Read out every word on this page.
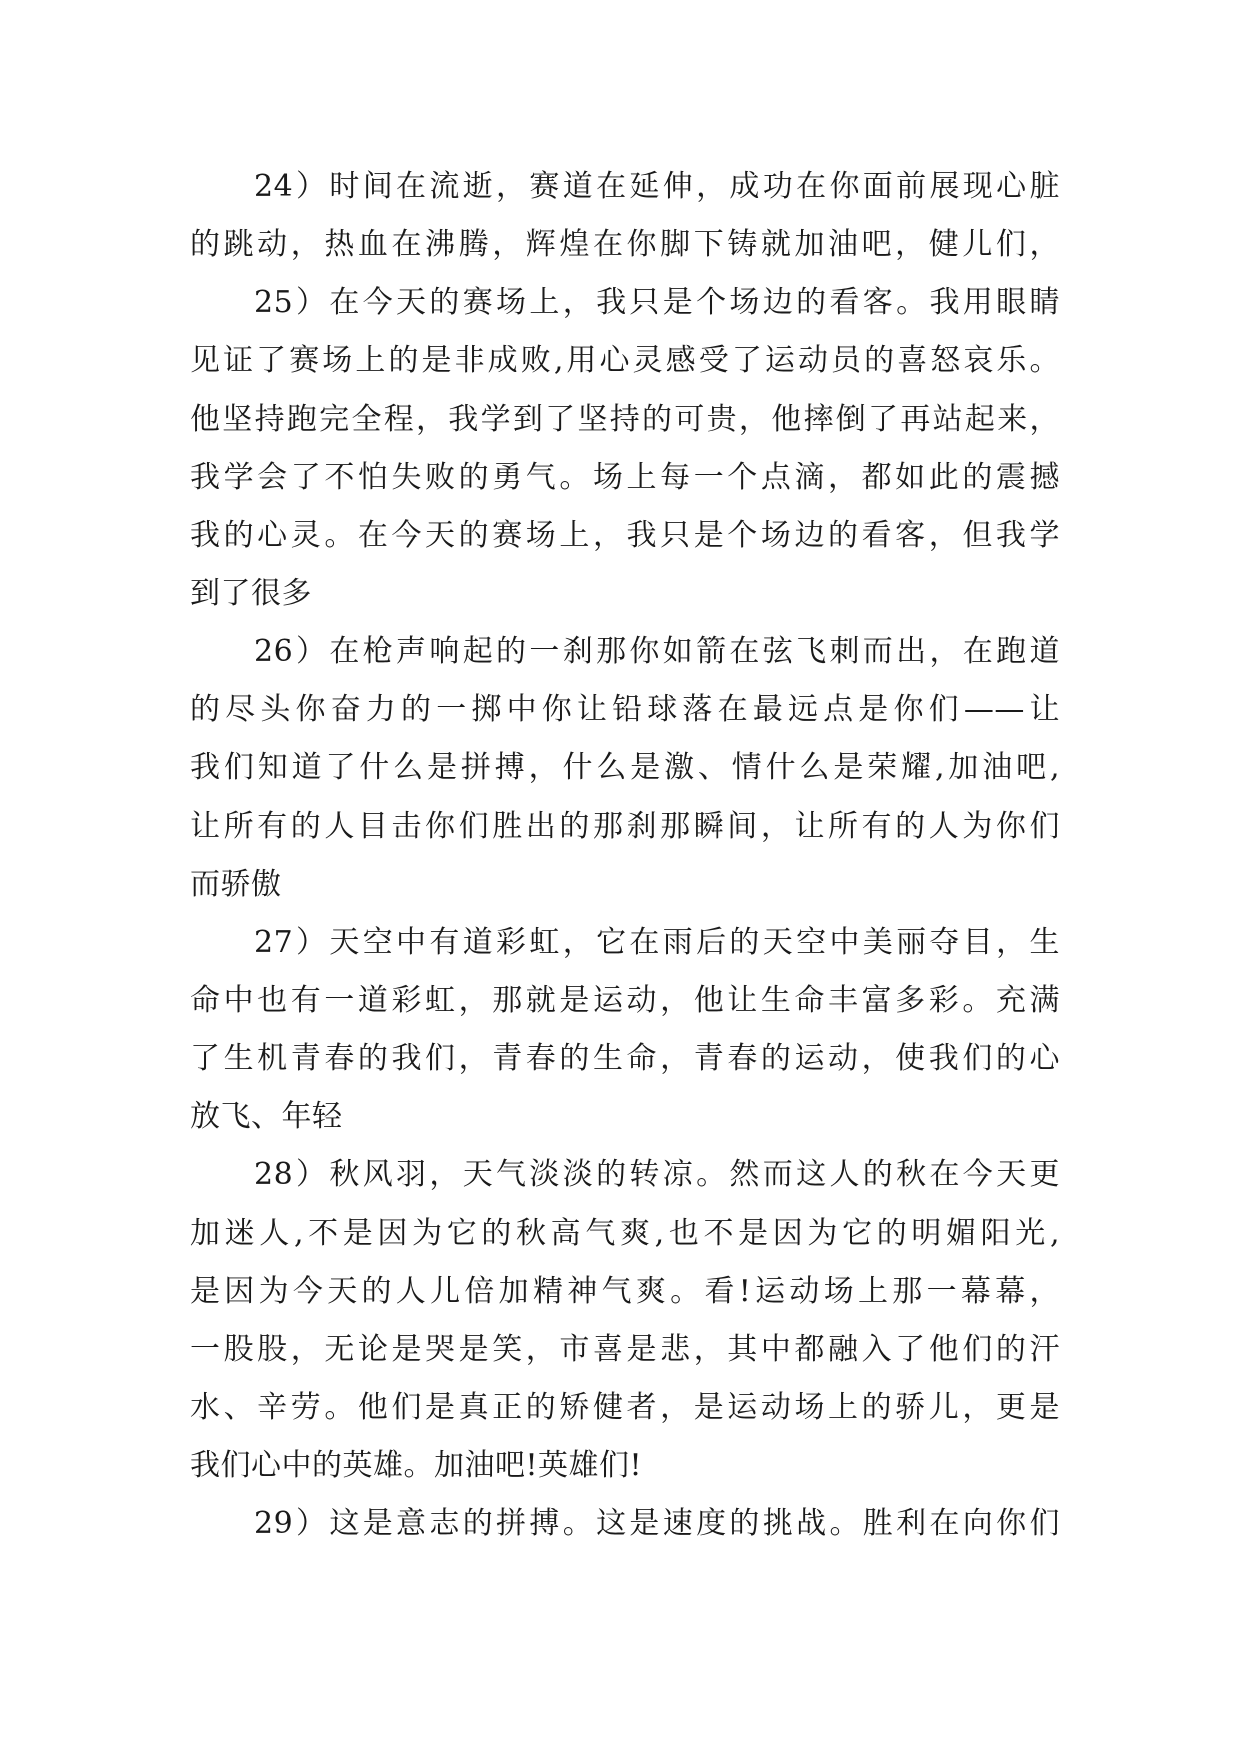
24）时间在流逝，赛道在延伸，成功在你面前展现心脏
的跳动，热血在沸腾，辉煌在你脚下铸就加油吧，健儿们，
25）在今天的赛场上，我只是个场边的看客。我用眼睛
见证了赛场上的是非成败,用心灵感受了运动员的喜怒哀乐。
他坚持跑完全程，我学到了坚持的可贵，他摔倒了再站起来，
我学会了不怕失败的勇气。场上每一个点滴，都如此的震撼
我的心灵。在今天的赛场上，我只是个场边的看客，但我学
到了很多
26）在枪声响起的一刹那你如箭在弦飞刺而出，在跑道
的尽头你奋力的一掷中你让铅球落在最远点是你们——让
我们知道了什么是拼搏，什么是激、情什么是荣耀,加油吧,
让所有的人目击你们胜出的那刹那瞬间，让所有的人为你们
而骄傲
27）天空中有道彩虹，它在雨后的天空中美丽夺目，生
命中也有一道彩虹，那就是运动，他让生命丰富多彩。充满
了生机青春的我们，青春的生命，青春的运动，使我们的心
放飞、年轻
28）秋风羽，天气淡淡的转凉。然而这人的秋在今天更
加迷人,不是因为它的秋高气爽,也不是因为它的明媚阳光,
是因为今天的人儿倍加精神气爽。看!运动场上那一幕幕，
一股股，无论是哭是笑，市喜是悲，其中都融入了他们的汗
水、辛劳。他们是真正的矫健者，是运动场上的骄儿，更是
我们心中的英雄。加油吧!英雄们!
29）这是意志的拼搏。这是速度的挑战。胜利在向你们
